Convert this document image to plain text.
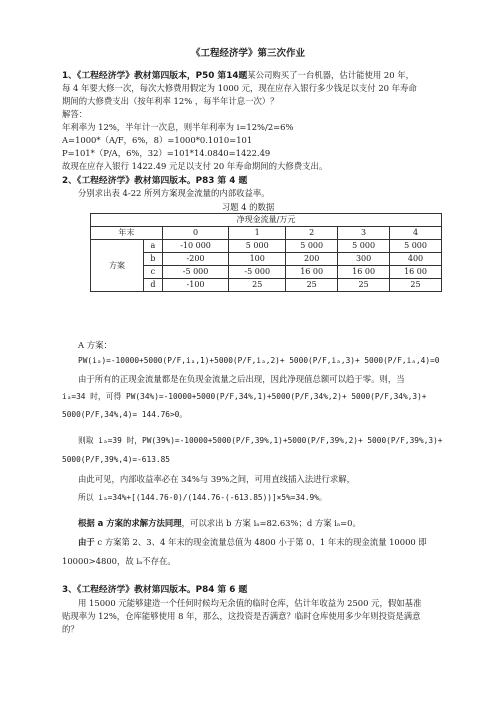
《工程经济学》第三次作业
1、《工程经济学》教材第四版本，P50 第14题某公司购买了一台机器，估计能使用 20 年，
每 4 年要大修一次，每次大修费用假定为 1000 元，现在应存入银行多少钱足以支付 20 年寿命
期间的大修费支出（按年利率 12% ，每半年计息一次）？
解答：
年利率为 12%，半年计一次息，则半年利率为 i=12%/2=6%
A=1000*（A/F，6%，8）=1000*0.1010=101
P=101*（P/A，6%，32）=101*14.0840=1422.49
故现在应存入银行 1422.49 元足以支付 20 年寿命期间的大修费支出。
2、《工程经济学》教材第四版本。P83 第 4 题
分别求出表 4-22 所列方案现金流量的内部收益率。
习题 4 的数据
净现金流量/万元						
年末		0	1	2	3	4
方案	a	-10 000	5 000	5 000	5 000	5 000
	b	-200	100	200	300	400
	c	-5 000	-5 000	16 00	16 00	16 00
	d	-100	25	25	25	25
A 方案：
PW(iₐ)=-10000+5000(P/F,iₐ,1)+5000(P/F,iₐ,2)+ 5000(P/F,iₐ,3)+ 5000(P/F,iₐ,4)=0
由于所有的正现金流量都是在负现金流量之后出现，因此净现值总额可以趋于零。则，当
iₐ=34 时，可得 PW(34%)=-10000+5000(P/F,34%,1)+5000(P/F,34%,2)+ 5000(P/F,34%,3)+
5000(P/F,34%,4)= 144.76>0。
则取 iₐ=39 时，PW(39%)=-10000+5000(P/F,39%,1)+5000(P/F,39%,2)+ 5000(P/F,39%,3)+
5000(P/F,39%,4)=-613.85
由此可见，内部收益率必在 34%与 39%之间，可用直线插入法进行求解，
所以 iₐ=34%+[(144.76-0)/(144.76-(-613.85))]×5%=34.9%。
根据 a 方案的求解方法同理，可以求出 b 方案 iₐ=82.63%；d 方案 iₐ=0。
由于 c 方案第 2、3、4 年末的现金流量总值为 4800 小于第 0、1 年末的现金流量 10000 即
10000>4800，故 iₐ不存在。
3、《工程经济学》教材第四版本。P84 第 6 题
用 15000 元能够建造一个任何时候均无余值的临时仓库，估计年收益为 2500 元，假如基准
贴现率为 12%，仓库能够使用 8 年，那么，这投资是否满意？临时仓库使用多少年则投资是满意
的？
